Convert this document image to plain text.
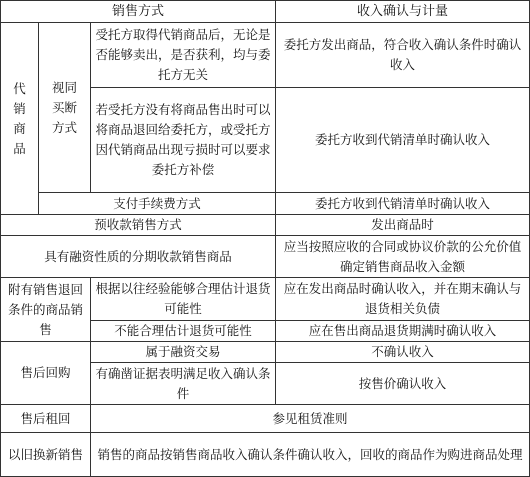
销售方式			收入确认与计量
代销商品	视同买断方式	受托方取得代销商品后，无论是否能够卖出，是否获利，均与委托方无关	委托方发出商品，符合收入确认条件时确认收入
		若受托方没有将商品售出时可以将商品退回给委托方，或受托方因代销商品出现亏损时可以要求委托方补偿	委托方收到代销清单时确认收入
	支付手续费方式		委托方收到代销清单时确认收入
预收款销售方式			发出商品时
具有融资性质的分期收款销售商品			应当按照应收的合同或协议价款的公允价值确定销售商品收入金额
附有销售退回条件的商品销售		根据以往经验能够合理估计退货可能性	应在发出商品时确认收入，并在期末确认与退货相关负债
		不能合理估计退货可能性	应在售出商品退货期满时确认收入
售后回购		属于融资交易	不确认收入
		有确凿证据表明满足收入确认条件	按售价确认收入
售后租回		参见租赁准则	
以旧换新销售		销售的商品按销售商品收入确认条件确认收入，回收的商品作为购进商品处理	
